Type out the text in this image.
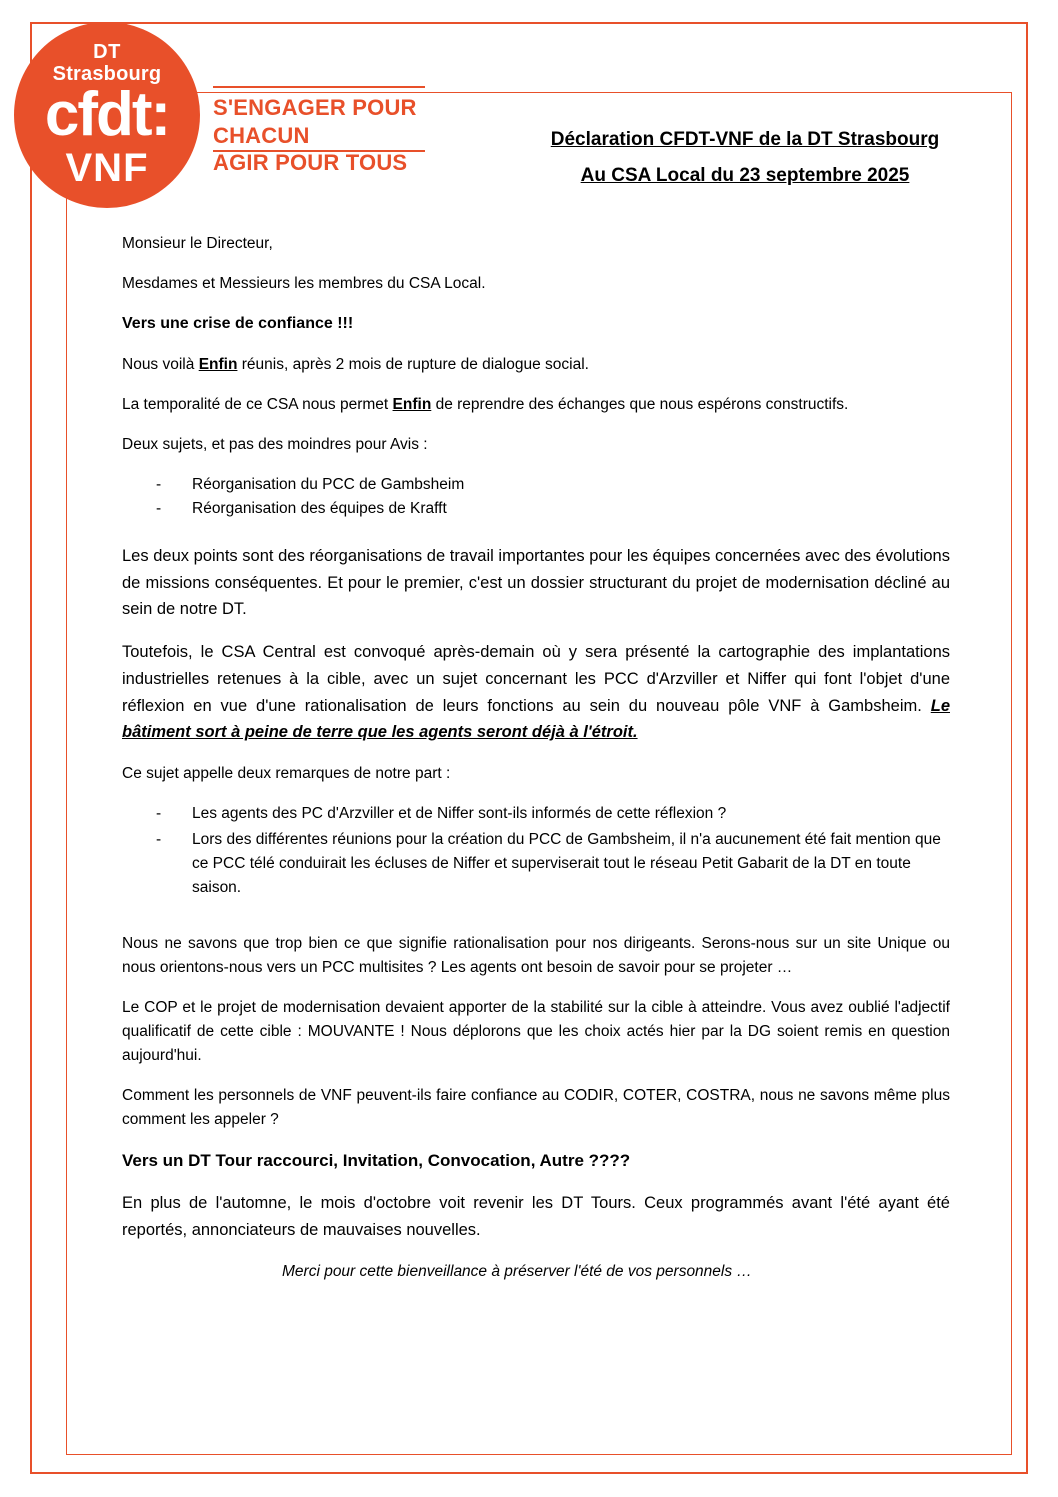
DT
Strasbourg
cfdt:
VNF
S'ENGAGER POUR CHACUN
AGIR POUR TOUS
Déclaration CFDT-VNF de la DT Strasbourg
Au CSA Local du 23 septembre 2025

Monsieur le Directeur,

Mesdames et Messieurs les membres du CSA Local.

Vers une crise de confiance !!!

Nous voilà Enfin réunis, après 2 mois de rupture de dialogue social.

La temporalité de ce CSA nous permet Enfin de reprendre des échanges que nous espérons constructifs.

Deux sujets, et pas des moindres pour Avis :

- Réorganisation du PCC de Gambsheim
- Réorganisation des équipes de Krafft

Les deux points sont des réorganisations de travail importantes pour les équipes concernées avec des évolutions de missions conséquentes. Et pour le premier, c'est un dossier structurant du projet de modernisation décliné au sein de notre DT.

Toutefois, le CSA Central est convoqué après-demain où y sera présenté la cartographie des implantations industrielles retenues à la cible, avec un sujet concernant les PCC d'Arzviller et Niffer qui font l'objet d'une réflexion en vue d'une rationalisation de leurs fonctions au sein du nouveau pôle VNF à Gambsheim. Le bâtiment sort à peine de terre que les agents seront déjà à l'étroit.

Ce sujet appelle deux remarques de notre part :

- Les agents des PC d'Arzviller et de Niffer sont-ils informés de cette réflexion ?
- Lors des différentes réunions pour la création du PCC de Gambsheim, il n'a aucunement été fait mention que ce PCC télé conduirait les écluses de Niffer et superviserait tout le réseau Petit Gabarit de la DT en toute saison.

Nous ne savons que trop bien ce que signifie rationalisation pour nos dirigeants. Serons-nous sur un site Unique ou nous orientons-nous vers un PCC multisites ? Les agents ont besoin de savoir pour se projeter …

Le COP et le projet de modernisation devaient apporter de la stabilité sur la cible à atteindre. Vous avez oublié l'adjectif qualificatif de cette cible : MOUVANTE ! Nous déplorons que les choix actés hier par la DG soient remis en question aujourd'hui.

Comment les personnels de VNF peuvent-ils faire confiance au CODIR, COTER, COSTRA, nous ne savons même plus comment les appeler ?

Vers un DT Tour raccourci, Invitation, Convocation, Autre ????

En plus de l'automne, le mois d'octobre voit revenir les DT Tours. Ceux programmés avant l'été ayant été reportés, annonciateurs de mauvaises nouvelles.

Merci pour cette bienveillance à préserver l'été de vos personnels …
